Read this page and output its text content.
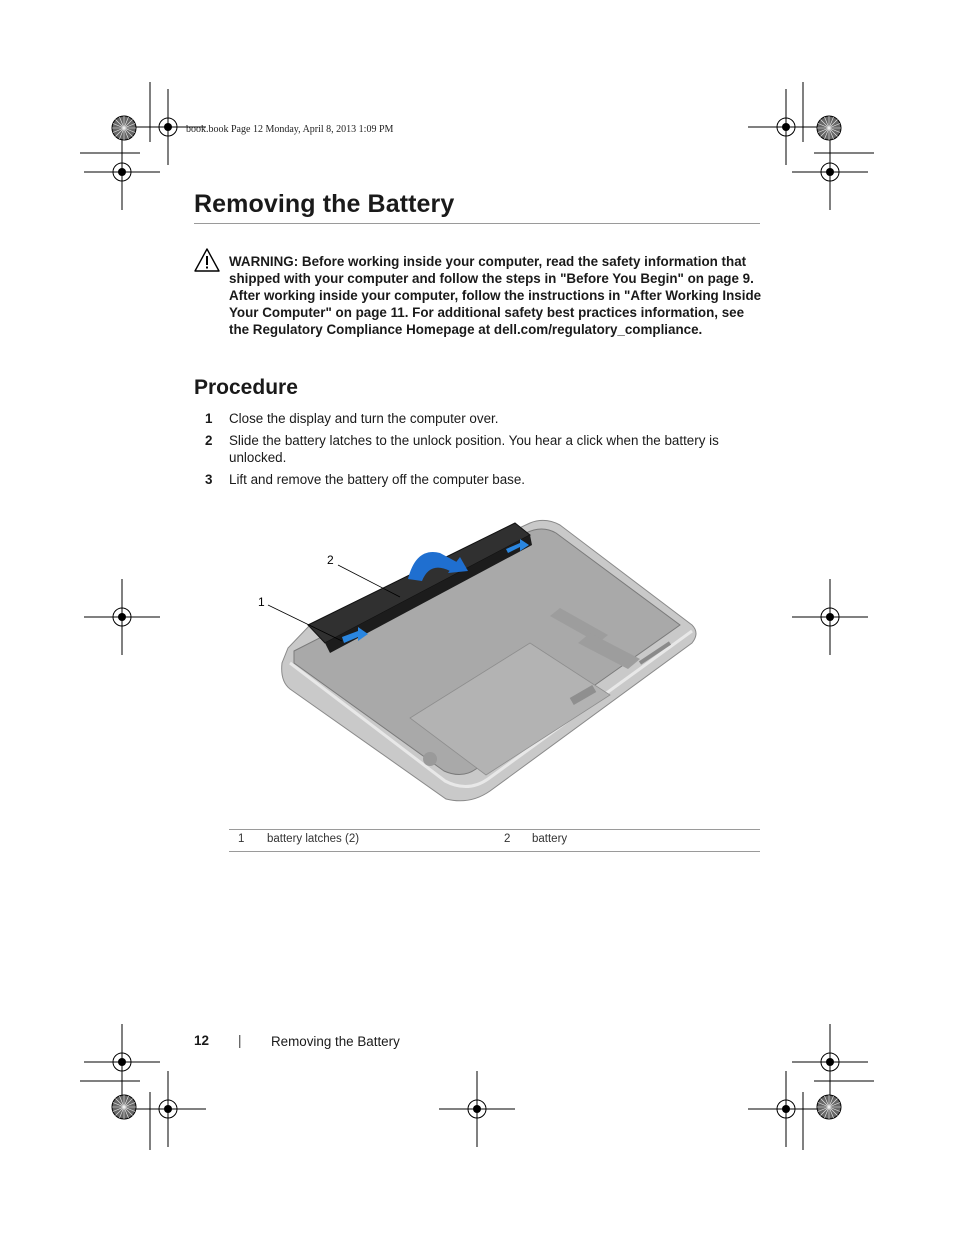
book.book Page 12 Monday, April 8, 2013 1:09 PM
Removing the Battery
WARNING: Before working inside your computer, read the safety information that shipped with your computer and follow the steps in "Before You Begin" on page 9. After working inside your computer, follow the instructions in "After Working Inside Your Computer" on page 11. For additional safety best practices information, see the Regulatory Compliance Homepage at dell.com/regulatory_compliance.
Procedure
1 Close the display and turn the computer over.
2 Slide the battery latches to the unlock position. You hear a click when the battery is unlocked.
3 Lift and remove the battery off the computer base.
2
1
1 battery latches (2)	2 battery
12 | Removing the Battery
